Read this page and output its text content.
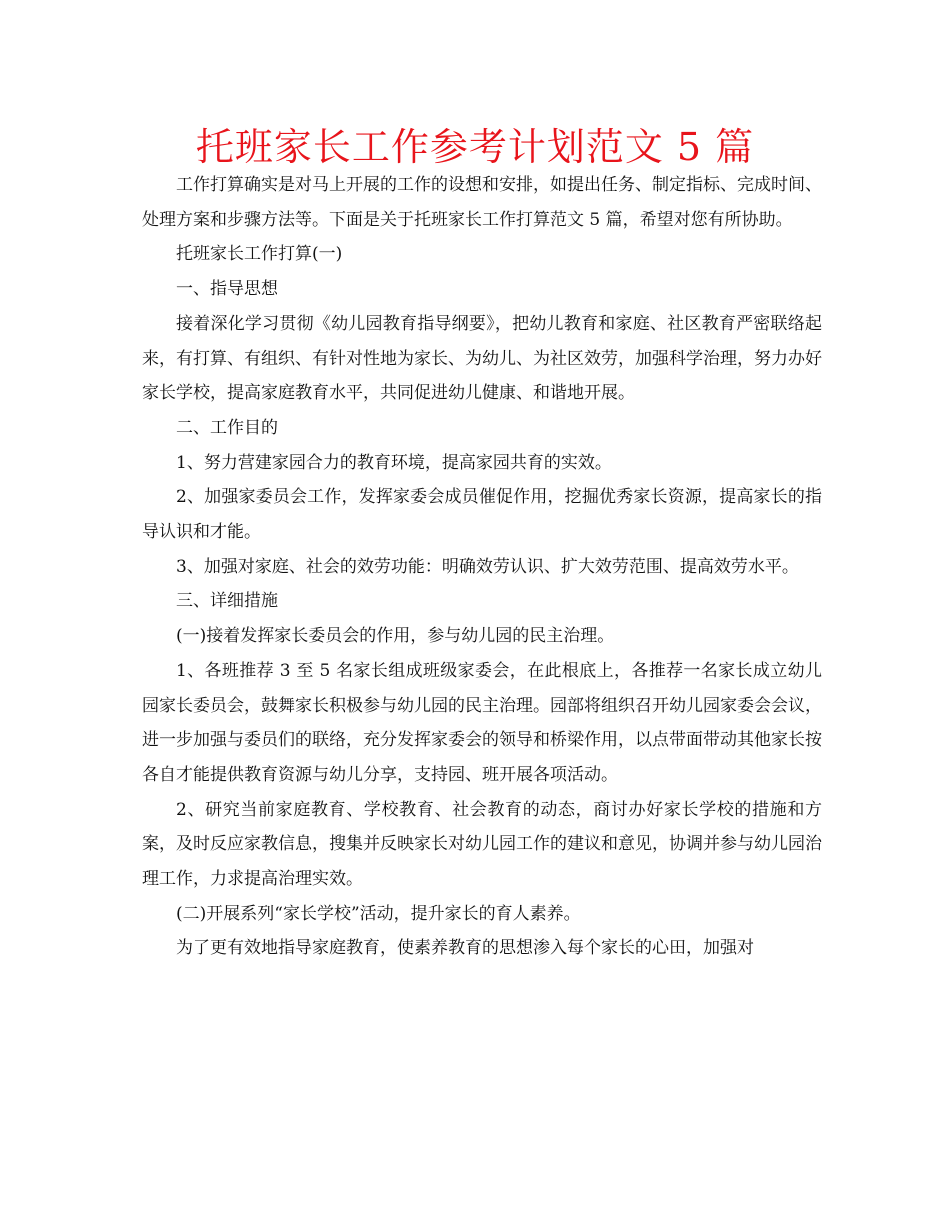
托班家长工作参考计划范文 5 篇

工作打算确实是对马上开展的工作的设想和安排，如提出任务、制定指标、完成时间、处理方案和步骤方法等。下面是关于托班家长工作打算范文 5 篇，希望对您有所协助。

托班家长工作打算(一)

一、指导思想

接着深化学习贯彻《幼儿园教育指导纲要》，把幼儿教育和家庭、社区教育严密联络起来，有打算、有组织、有针对性地为家长、为幼儿、为社区效劳，加强科学治理，努力办好家长学校，提高家庭教育水平，共同促进幼儿健康、和谐地开展。

二、工作目的

1、努力营建家园合力的教育环境，提高家园共育的实效。

2、加强家委员会工作，发挥家委会成员催促作用，挖掘优秀家长资源，提高家长的指导认识和才能。

3、加强对家庭、社会的效劳功能：明确效劳认识、扩大效劳范围、提高效劳水平。

三、详细措施

(一)接着发挥家长委员会的作用，参与幼儿园的民主治理。

1、各班推荐 3 至 5 名家长组成班级家委会，在此根底上，各推荐一名家长成立幼儿园家长委员会，鼓舞家长积极参与幼儿园的民主治理。园部将组织召开幼儿园家委会会议，进一步加强与委员们的联络，充分发挥家委会的领导和桥梁作用，以点带面带动其他家长按各自才能提供教育资源与幼儿分享，支持园、班开展各项活动。

2、研究当前家庭教育、学校教育、社会教育的动态，商讨办好家长学校的措施和方案，及时反应家教信息，搜集并反映家长对幼儿园工作的建议和意见，协调并参与幼儿园治理工作，力求提高治理实效。

(二)开展系列“家长学校”活动，提升家长的育人素养。

为了更有效地指导家庭教育，使素养教育的思想渗入每个家长的心田，加强对
